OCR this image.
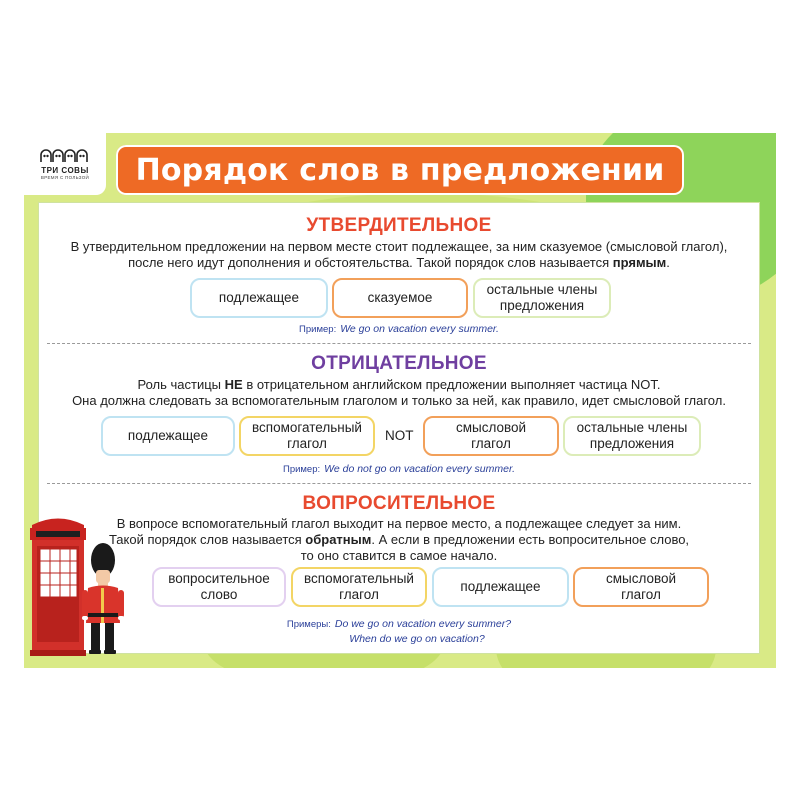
ТРИ СОВЫ
ВРЕМЯ С ПОЛЬЗОЙ Порядок слов в предложении
УТВЕРДИТЕЛЬНОЕ
В утвердительном предложении на первом месте стоит подлежащее, за ним сказуемое (смысловой глагол),
после него идут дополнения и обстоятельства. Такой порядок слов называется прямым.
подлежащее	сказуемое
остальные члены
предложения
Пример: We go on vacation every summer.
ОТРИЦАТЕЛЬНОЕ
Роль частицы НЕ в отрицательном английском предложении выполняет частица NOT.
Она должна следовать за вспомогательным глаголом и только за ней, как правило, идет смысловой глагол.
подлежащее
вспомогательный
глагол
NOT
смысловой
глагол
остальные члены
предложения
Пример: We do not go on vacation every summer.
ВОПРОСИТЕЛЬНОЕ
В вопросе вспомогательный глагол выходит на первое место, а подлежащее следует за ним.
Такой порядок слов называется обратным. А если в предложении есть вопросительное слово,
то оно ставится в самое начало.
вопросительное
слово
вспомогательный
глагол
подлежащее
смысловой
глагол
Примеры: Do we go on vacation every summer?
When do we go on vacation?
